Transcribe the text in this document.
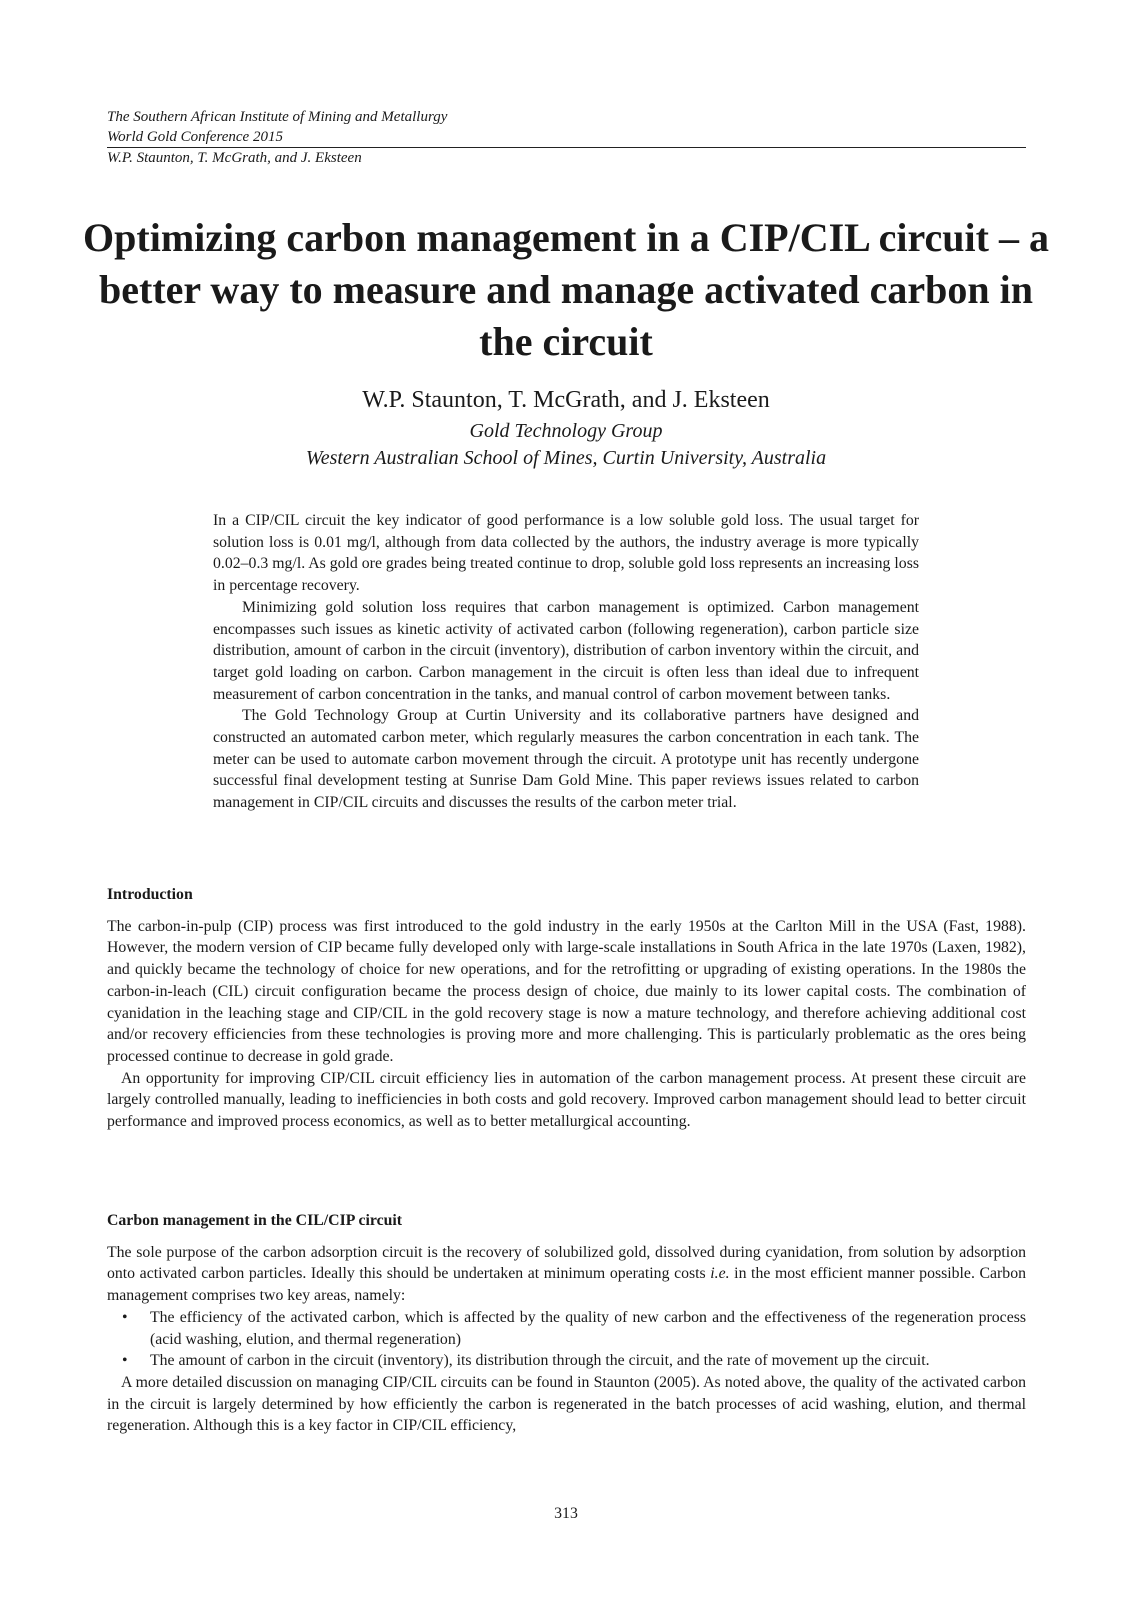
The Southern African Institute of Mining and Metallurgy

World Gold Conference 2015

W.P. Staunton, T. McGrath, and J. Eksteen

Optimizing carbon management in a CIP/CIL circuit – a better way to measure and manage activated carbon in the circuit

W.P. Staunton, T. McGrath, and J. Eksteen

Gold Technology Group

Western Australian School of Mines, Curtin University, Australia

In a CIP/CIL circuit the key indicator of good performance is a low soluble gold loss. The usual target for solution loss is 0.01 mg/l, although from data collected by the authors, the industry average is more typically 0.02–0.3 mg/l. As gold ore grades being treated continue to drop, soluble gold loss represents an increasing loss in percentage recovery.

Minimizing gold solution loss requires that carbon management is optimized. Carbon management encompasses such issues as kinetic activity of activated carbon (following regeneration), carbon particle size distribution, amount of carbon in the circuit (inventory), distribution of carbon inventory within the circuit, and target gold loading on carbon. Carbon management in the circuit is often less than ideal due to infrequent measurement of carbon concentration in the tanks, and manual control of carbon movement between tanks.

The Gold Technology Group at Curtin University and its collaborative partners have designed and constructed an automated carbon meter, which regularly measures the carbon concentration in each tank. The meter can be used to automate carbon movement through the circuit. A prototype unit has recently undergone successful final development testing at Sunrise Dam Gold Mine. This paper reviews issues related to carbon management in CIP/CIL circuits and discusses the results of the carbon meter trial.

Introduction

The carbon-in-pulp (CIP) process was first introduced to the gold industry in the early 1950s at the Carlton Mill in the USA (Fast, 1988). However, the modern version of CIP became fully developed only with large-scale installations in South Africa in the late 1970s (Laxen, 1982), and quickly became the technology of choice for new operations, and for the retrofitting or upgrading of existing operations. In the 1980s the carbon-in-leach (CIL) circuit configuration became the process design of choice, due mainly to its lower capital costs. The combination of cyanidation in the leaching stage and CIP/CIL in the gold recovery stage is now a mature technology, and therefore achieving additional cost and/or recovery efficiencies from these technologies is proving more and more challenging. This is particularly problematic as the ores being processed continue to decrease in gold grade.

An opportunity for improving CIP/CIL circuit efficiency lies in automation of the carbon management process. At present these circuit are largely controlled manually, leading to inefficiencies in both costs and gold recovery. Improved carbon management should lead to better circuit performance and improved process economics, as well as to better metallurgical accounting.

Carbon management in the CIL/CIP circuit

The sole purpose of the carbon adsorption circuit is the recovery of solubilized gold, dissolved during cyanidation, from solution by adsorption onto activated carbon particles. Ideally this should be undertaken at minimum operating costs i.e. in the most efficient manner possible. Carbon management comprises two key areas, namely:

• The efficiency of the activated carbon, which is affected by the quality of new carbon and the effectiveness of the regeneration process (acid washing, elution, and thermal regeneration)
• The amount of carbon in the circuit (inventory), its distribution through the circuit, and the rate of movement up the circuit.

A more detailed discussion on managing CIP/CIL circuits can be found in Staunton (2005). As noted above, the quality of the activated carbon in the circuit is largely determined by how efficiently the carbon is regenerated in the batch processes of acid washing, elution, and thermal regeneration. Although this is a key factor in CIP/CIL efficiency,

313
